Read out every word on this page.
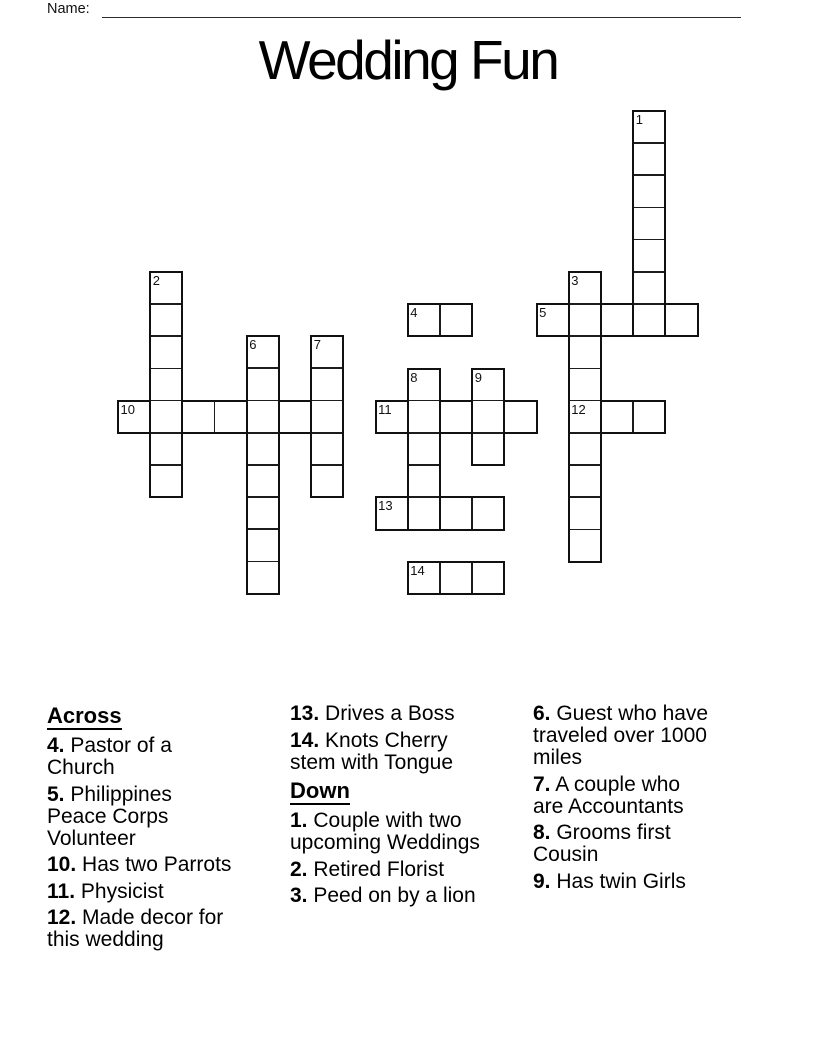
Name:
Wedding Fun
4	5
10	11	12
13
14
1
2	3
6	7
8	9
Across

4. Pastor of a Church

5. Philippines Peace Corps Volunteer

10. Has two Parrots

11. Physicist

12. Made decor for this wedding

13. Drives a Boss

14. Knots Cherry stem with Tongue

Down

1. Couple with two upcoming Weddings

2. Retired Florist

3. Peed on by a lion

6. Guest who have traveled over 1000 miles

7. A couple who are Accountants

8. Grooms first Cousin

9. Has twin Girls
